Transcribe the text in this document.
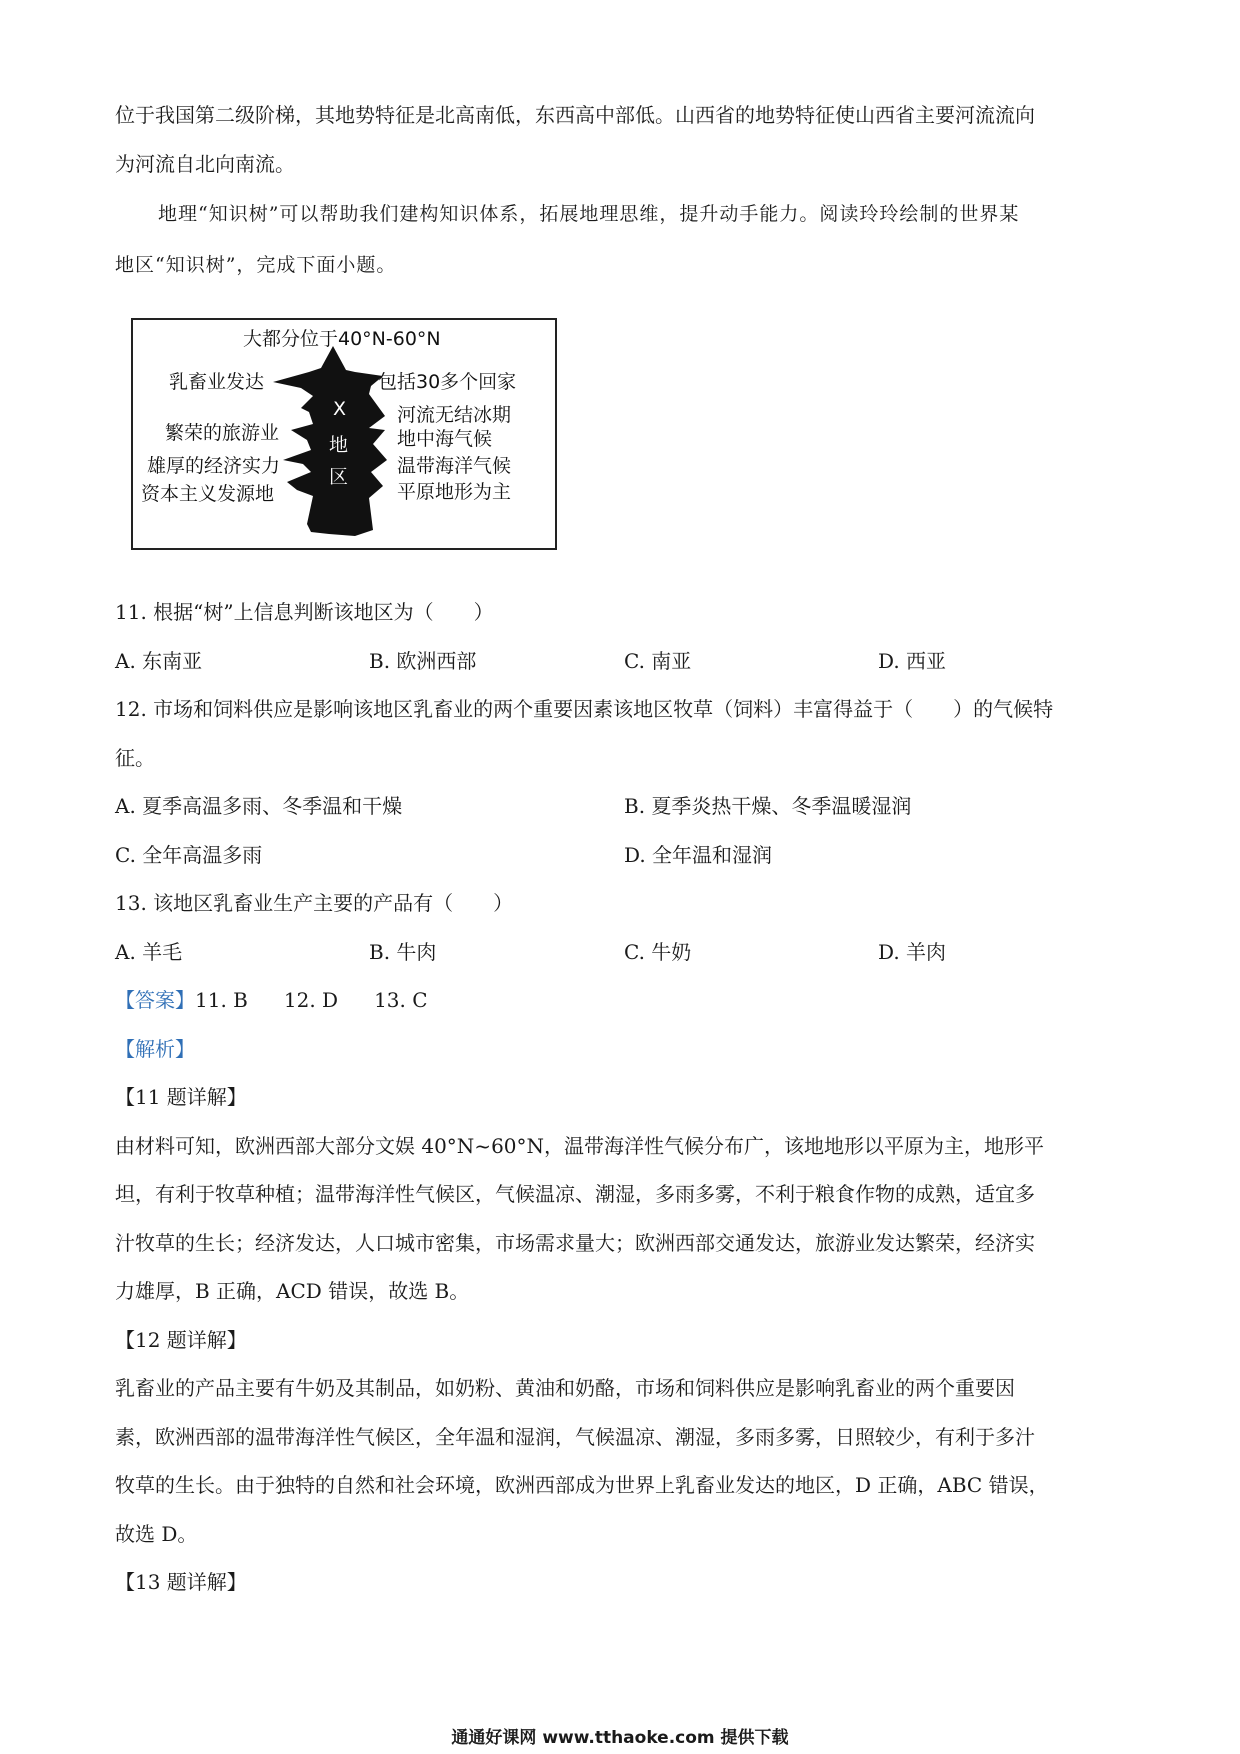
位于我国第二级阶梯，其地势特征是北高南低，东西高中部低。山西省的地势特征使山西省主要河流流向
为河流自北向南流。
地理“知识树”可以帮助我们建构知识体系，拓展地理思维，提升动手能力。阅读玲玲绘制的世界某
地区“知识树”，完成下面小题。
大都分位于40°N-60°N
乳畜业发达
繁荣的旅游业
雄厚的经济实力
资本主义发源地
包括30多个回家
河流无结冰期
地中海气候
温带海洋气候
平原地形为主
X
地
区
11. 根据“树”上信息判断该地区为（　　）
A. 东南亚	B. 欧洲西部	C. 南亚	D. 西亚
12. 市场和饲料供应是影响该地区乳畜业的两个重要因素该地区牧草（饲料）丰富得益于（　　）的气候特
征。
A. 夏季高温多雨、冬季温和干燥	B. 夏季炎热干燥、冬季温暖湿润
C. 全年高温多雨	D. 全年温和湿润
13. 该地区乳畜业生产主要的产品有（　　）
A. 羊毛	B. 牛肉	C. 牛奶	D. 羊肉
【答案】11. B 12. D 13. C
【解析】
【11 题详解】
由材料可知，欧洲西部大部分文娱 40°N~60°N，温带海洋性气候分布广，该地地形以平原为主，地形平
坦，有利于牧草种植；温带海洋性气候区，气候温凉、潮湿，多雨多雾，不利于粮食作物的成熟，适宜多
汁牧草的生长；经济发达，人口城市密集，市场需求量大；欧洲西部交通发达，旅游业发达繁荣，经济实
力雄厚，B 正确，ACD 错误，故选 B。
【12 题详解】
乳畜业的产品主要有牛奶及其制品，如奶粉、黄油和奶酪，市场和饲料供应是影响乳畜业的两个重要因
素，欧洲西部的温带海洋性气候区，全年温和湿润，气候温凉、潮湿，多雨多雾，日照较少，有利于多汁
牧草的生长。由于独特的自然和社会环境，欧洲西部成为世界上乳畜业发达的地区，D 正确，ABC 错误，
故选 D。
【13 题详解】
通通好课网 www.tthaoke.com 提供下载
